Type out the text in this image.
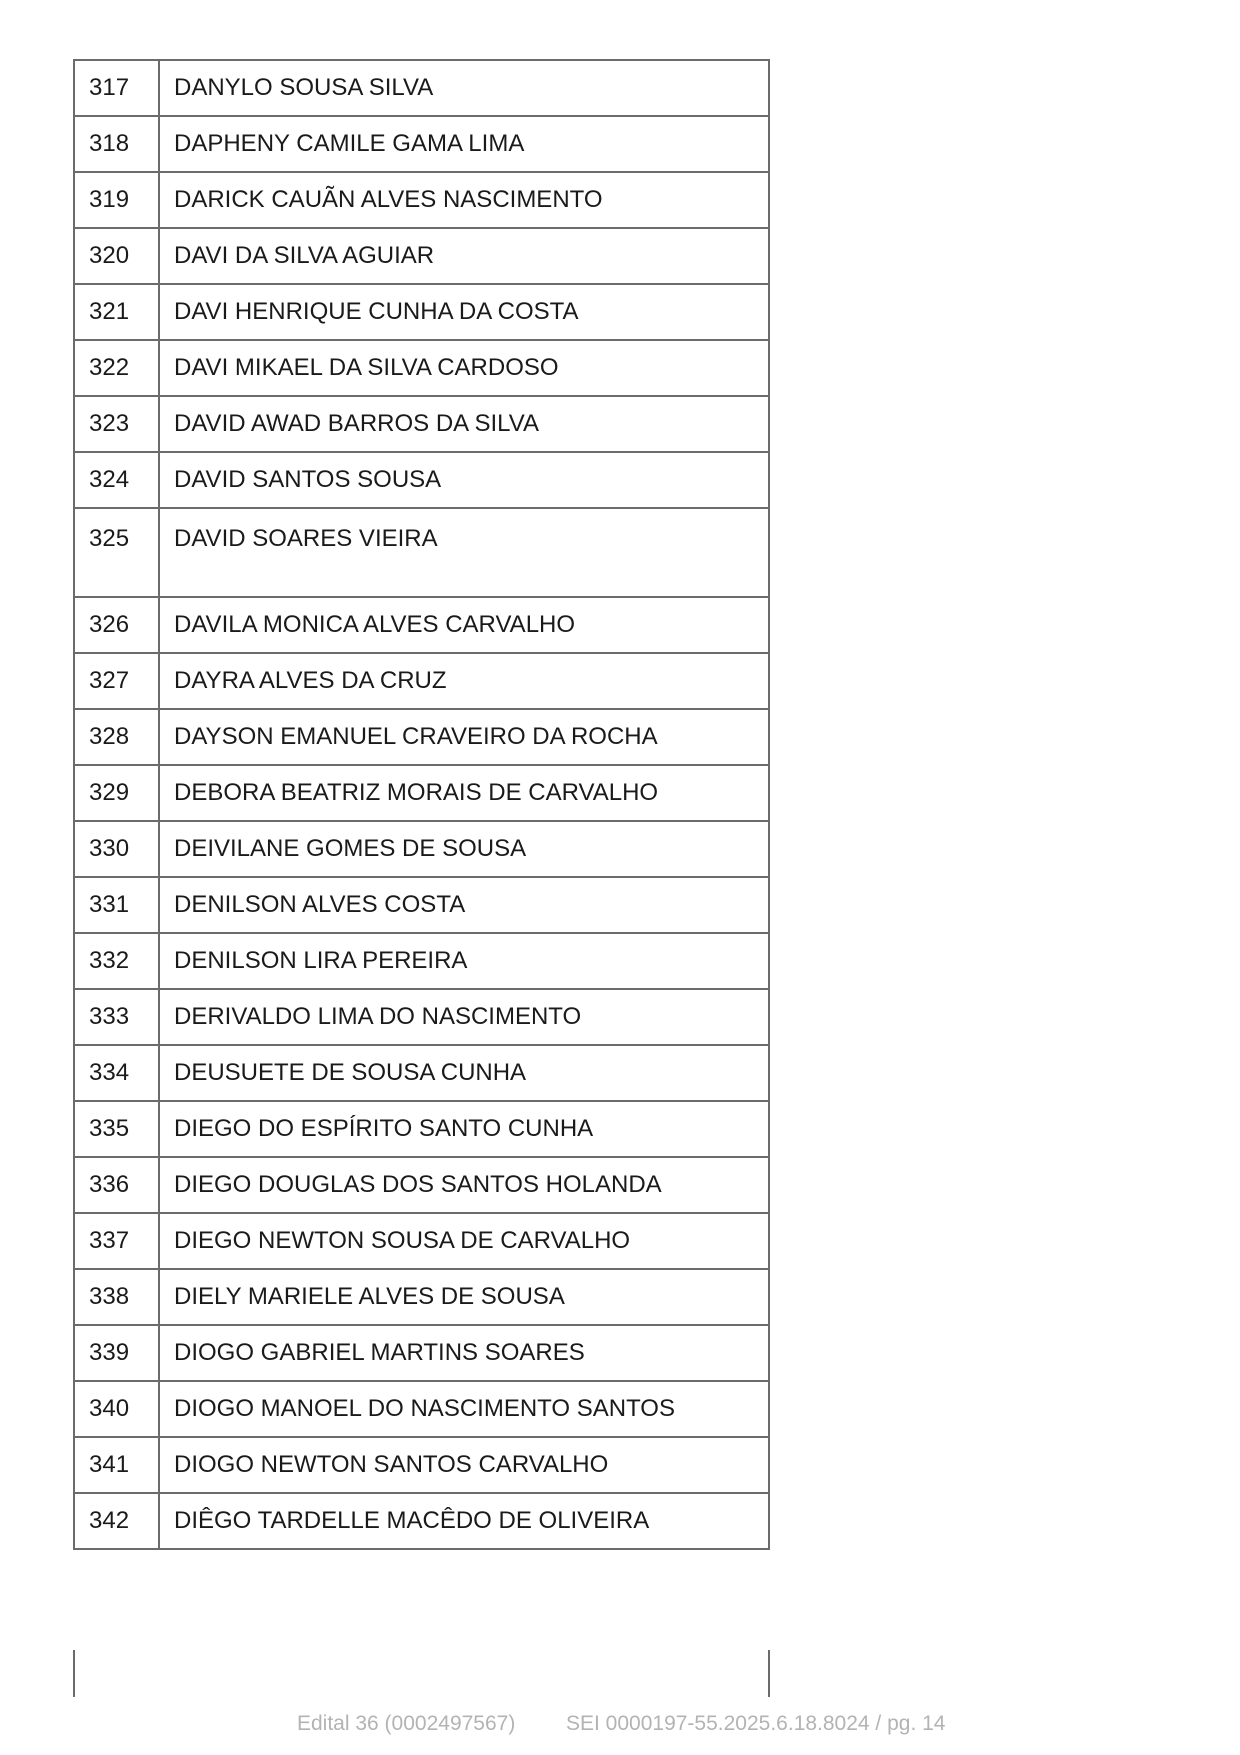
317	DANYLO SOUSA SILVA
318	DAPHENY CAMILE GAMA LIMA
319	DARICK CAUÃN ALVES NASCIMENTO
320	DAVI DA SILVA AGUIAR
321	DAVI HENRIQUE CUNHA DA COSTA
322	DAVI MIKAEL DA SILVA CARDOSO
323	DAVID AWAD BARROS DA SILVA
324	DAVID SANTOS SOUSA
325	DAVID SOARES VIEIRA
326	DAVILA MONICA ALVES CARVALHO
327	DAYRA ALVES DA CRUZ
328	DAYSON EMANUEL CRAVEIRO DA ROCHA
329	DEBORA BEATRIZ MORAIS DE CARVALHO
330	DEIVILANE GOMES DE SOUSA
331	DENILSON ALVES COSTA
332	DENILSON LIRA PEREIRA
333	DERIVALDO LIMA DO NASCIMENTO
334	DEUSUETE DE SOUSA CUNHA
335	DIEGO DO ESPÍRITO SANTO CUNHA
336	DIEGO DOUGLAS DOS SANTOS HOLANDA
337	DIEGO NEWTON SOUSA DE CARVALHO
338	DIELY MARIELE ALVES DE SOUSA
339	DIOGO GABRIEL MARTINS SOARES
340	DIOGO MANOEL DO NASCIMENTO SANTOS
341	DIOGO NEWTON SANTOS CARVALHO
342	DIÊGO TARDELLE MACÊDO DE OLIVEIRA
Edital 36 (0002497567) SEI 0000197-55.2025.6.18.8024 / pg. 14
